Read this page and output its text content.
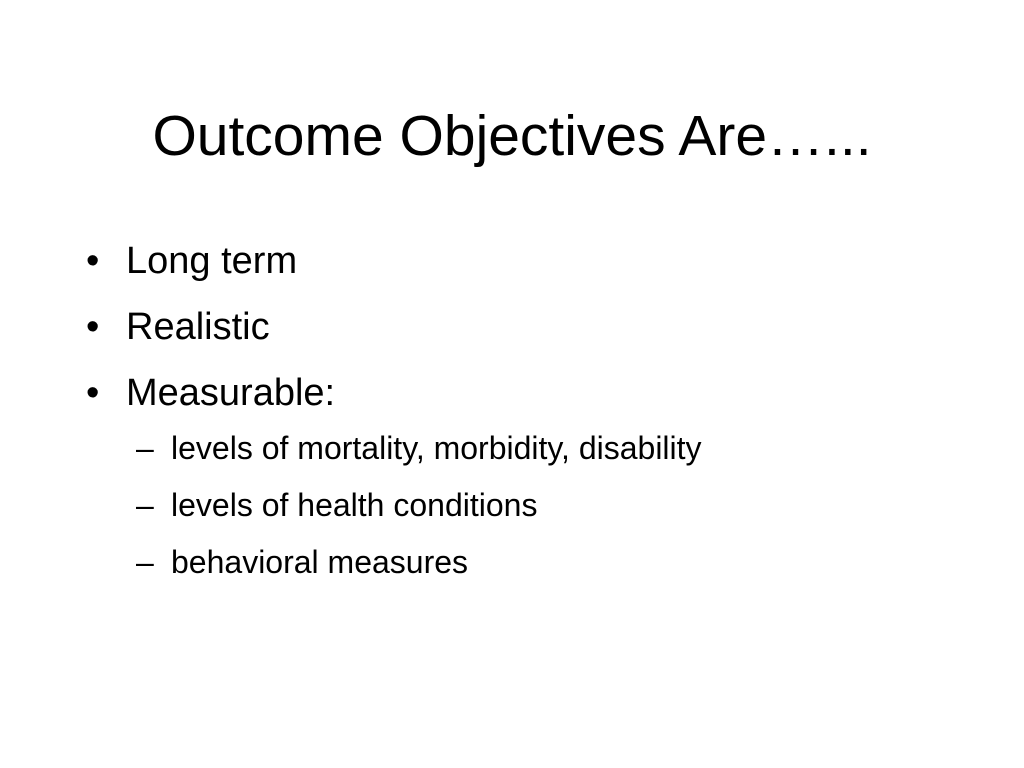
Outcome Objectives Are…...
• Long term
• Realistic
• Measurable:
– levels of mortality, morbidity, disability
– levels of health conditions
– behavioral measures
